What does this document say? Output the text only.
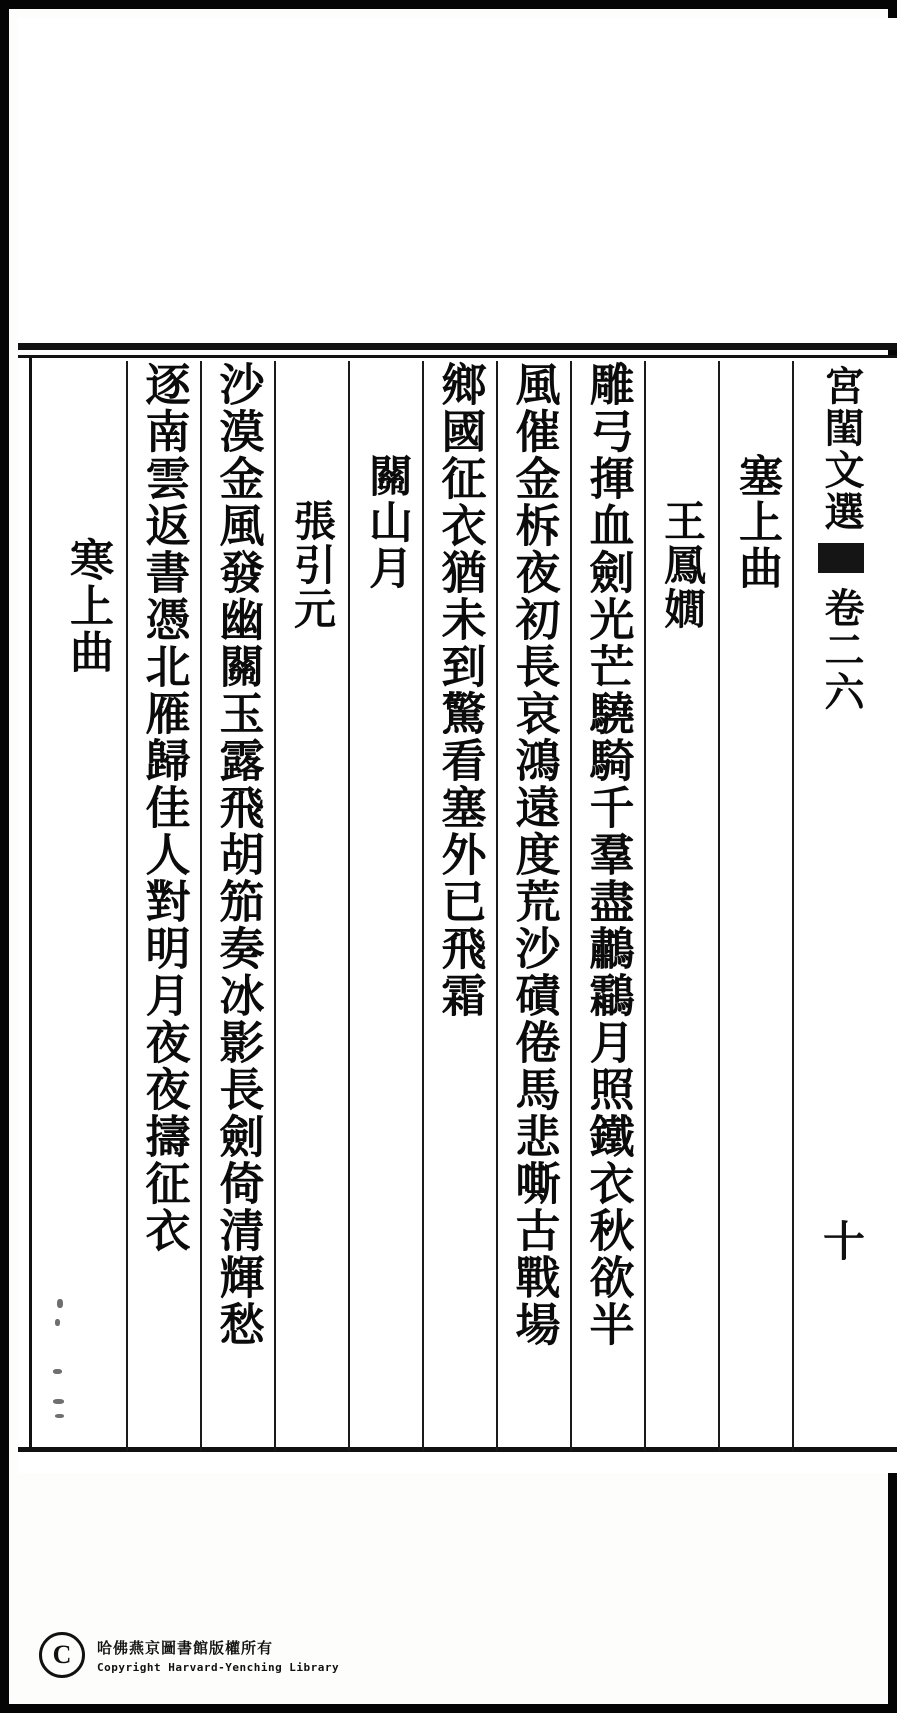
宮閨文選
卷二六
十
塞上曲
王鳳嫺
雕弓揮血劍光芒驍騎千羣盡鷫鸘月照鐵衣秋欲半
風催金柝夜初長哀鴻遠度荒沙磧倦馬悲嘶古戰場
鄉國征衣猶未到驚看塞外已飛霜
關山月
張引元
沙漠金風發幽關玉露飛胡笳奏冰影長劍倚清輝愁
逐南雲返書憑北雁歸佳人對明月夜夜擣征衣
寒上曲
C	哈佛燕京圖書館版權所有
Copyright Harvard-Yenching Library
